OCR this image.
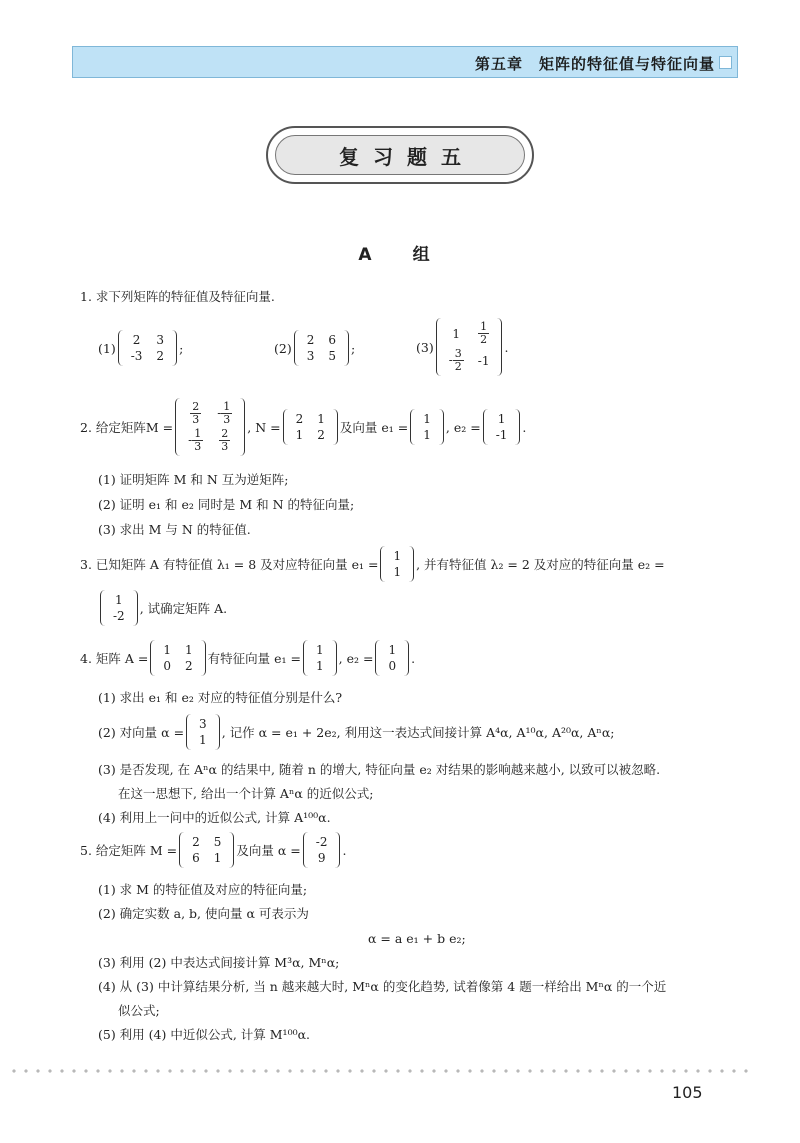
第五章　矩阵的特征值与特征向量
复习题五
A　组
1. 求下列矩阵的特征值及特征向量.
(1)
2	3
-3	2
;	(2)
2	6
3	5
;	(3)
1	$\frac{1}{2}$

- $\frac{3}{2}$	-1
.
2. 给定矩阵 M =
$\frac{2}{3}$	- $\frac{1}{3}$

- $\frac{1}{3}$	$\frac{2}{3}$
, N =
2	1
1	2 及向量 e₁ =
1
1
, e₂ =
1
-1
.
(1) 证明矩阵 M 和 N 互为逆矩阵;
(2) 证明 e₁ 和 e₂ 同时是 M 和 N 的特征向量;
(3) 求出 M 与 N 的特征值.
3. 已知矩阵 A 有特征值 λ₁ = 8 及对应特征向量 e₁ =
1
1 , 并有特征值 λ₂ = 2 及对应的特征向量 e₂ =
1
-2 , 试确定矩阵 A.
4. 矩阵 A =
1	1
0	2 有特征向量 e₁ =
1
1
, e₂ =
1
0
.
(1) 求出 e₁ 和 e₂ 对应的特征值分别是什么?
(2) 对向量 α =
3
1 , 记作 α = e₁ + 2e₂, 利用这一表达式间接计算 A⁴α, A¹⁰α, A²⁰α, Aⁿα;
(3) 是否发现, 在 Aⁿα 的结果中, 随着 n 的增大, 特征向量 e₂ 对结果的影响越来越小, 以致可以被忽略.
在这一思想下, 给出一个计算 Aⁿα 的近似公式;
(4) 利用上一问中的近似公式, 计算 A¹⁰⁰α.
5. 给定矩阵 M =
2	5
6	1 及向量 α =
-2
9
.
(1) 求 M 的特征值及对应的特征向量;
(2) 确定实数 a, b, 使向量 α 可表示为
α = a e₁ + b e₂;
(3) 利用 (2) 中表达式间接计算 M³α, Mⁿα;
(4) 从 (3) 中计算结果分析, 当 n 越来越大时, Mⁿα 的变化趋势, 试着像第 4 题一样给出 Mⁿα 的一个近
似公式;
(5) 利用 (4) 中近似公式, 计算 M¹⁰⁰α.
105
